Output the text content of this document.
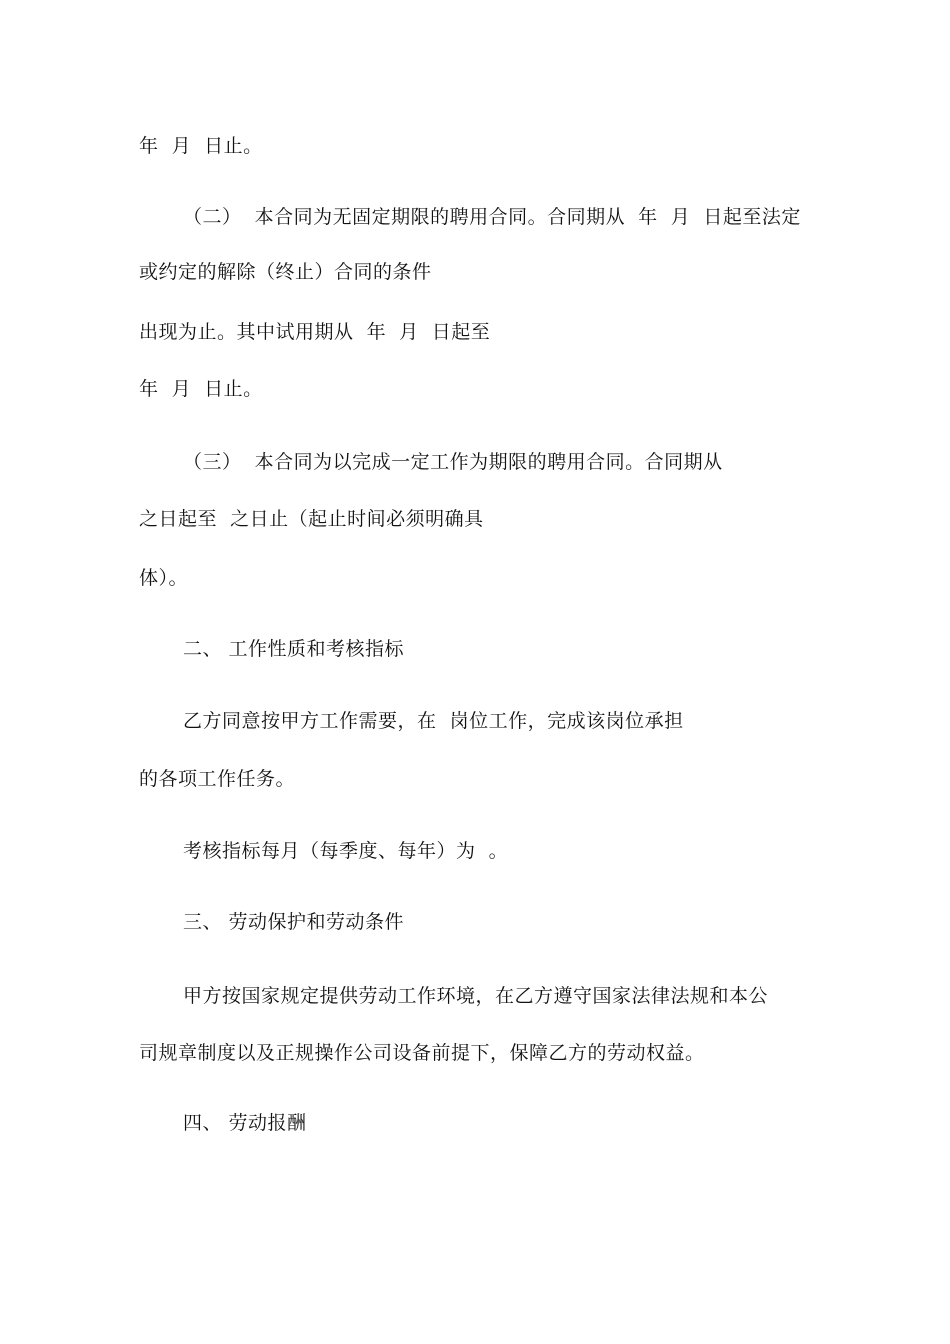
年  月  日止。
（二）  本合同为无固定期限的聘用合同。合同期从  年  月  日起至法定
或约定的解除（终止）合同的条件
出现为止。其中试用期从  年  月  日起至
年  月  日止。
（三）  本合同为以完成一定工作为期限的聘用合同。合同期从
之日起至  之日止（起止时间必须明确具
体）。
二、 工作性质和考核指标
乙方同意按甲方工作需要，在  岗位工作，完成该岗位承担
的各项工作任务。
考核指标每月（每季度、每年）为  。
三、 劳动保护和劳动条件
甲方按国家规定提供劳动工作环境，在乙方遵守国家法律法规和本公
司规章制度以及正规操作公司设备前提下，保障乙方的劳动权益。
四、 劳动报酬
